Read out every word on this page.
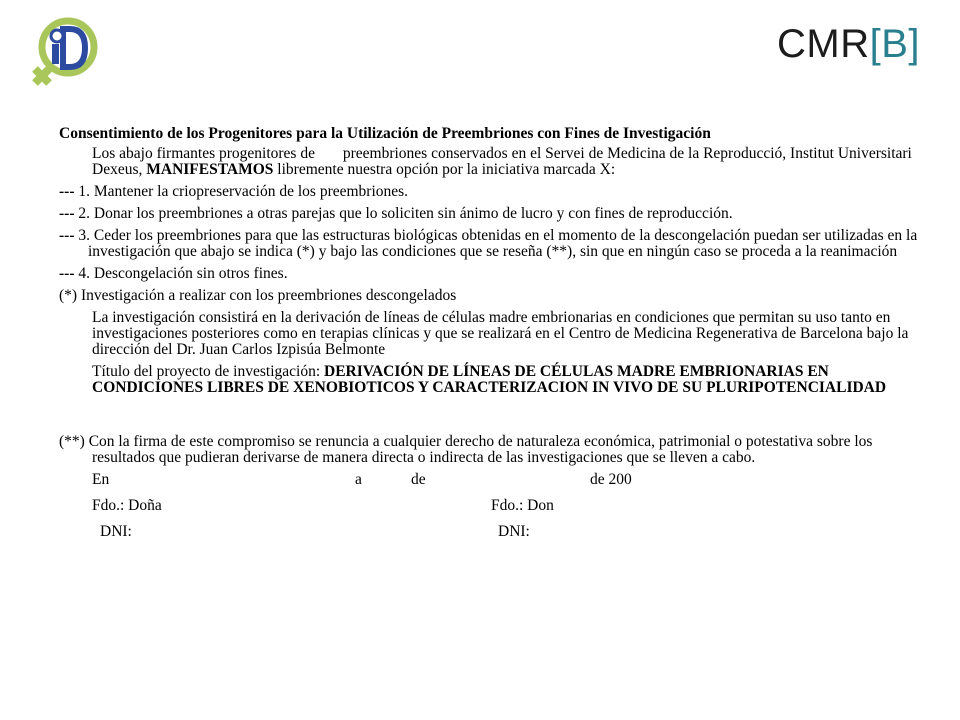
CMR[B]
Consentimiento de los Progenitores para la Utilización de Preembriones con Fines de Investigación
Los abajo firmantes progenitores de preembriones conservados en el Servei de Medicina de la Reproducció, Institut Universitari Dexeus, MANIFESTAMOS libremente nuestra opción por la iniciativa marcada X:
--- 1. Mantener la criopreservación de los preembriones.
--- 2. Donar los preembriones a otras parejas que lo soliciten sin ánimo de lucro y con fines de reproducción.
--- 3. Ceder los preembriones para que las estructuras biológicas obtenidas en el momento de la descongelación puedan ser utilizadas en la investigación que abajo se indica (*) y bajo las condiciones que se reseña (**), sin que en ningún caso se proceda a la reanimación
--- 4. Descongelación sin otros fines.
(*) Investigación a realizar con los preembriones descongelados
La investigación consistirá en la derivación de líneas de células madre embrionarias en condiciones que permitan su uso tanto en investigaciones posteriores como en terapias clínicas y que se realizará en el Centro de Medicina Regenerativa de Barcelona bajo la dirección del Dr. Juan Carlos Izpisúa Belmonte
Título del proyecto de investigación: DERIVACIÓN DE LÍNEAS DE CÉLULAS MADRE EMBRIONARIAS EN CONDICIONES LIBRES DE XENOBIOTICOS Y CARACTERIZACION IN VIVO DE SU PLURIPOTENCIALIDAD
(**) Con la firma de este compromiso se renuncia a cualquier derecho de naturaleza económica, patrimonial o potestativa sobre los resultados que pudieran derivarse de manera directa o indirecta de las investigaciones que se lleven a cabo.
En	a	de	de 200
Fdo.: Doña	Fdo.: Don
DNI:	DNI:
